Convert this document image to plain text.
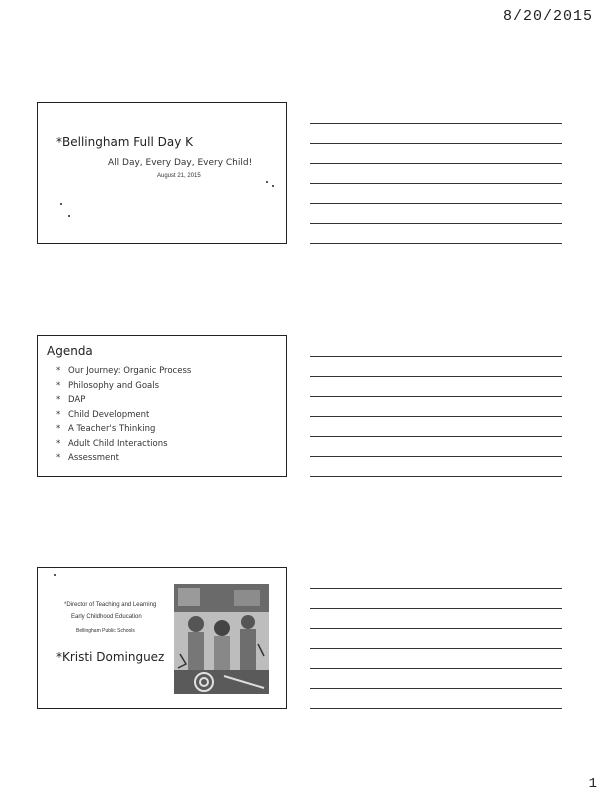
8/20/2015
*Bellingham Full Day K
All Day, Every Day, Every Child!
August 21, 2015
Agenda
* Our Journey: Organic Process
* Philosophy and Goals
* DAP
* Child Development
* A Teacher's Thinking
* Adult Child Interactions
* Assessment
*Director of Teaching and Learning
Early Childhood Education
Bellingham Public Schools
*Kristi Dominguez
1
